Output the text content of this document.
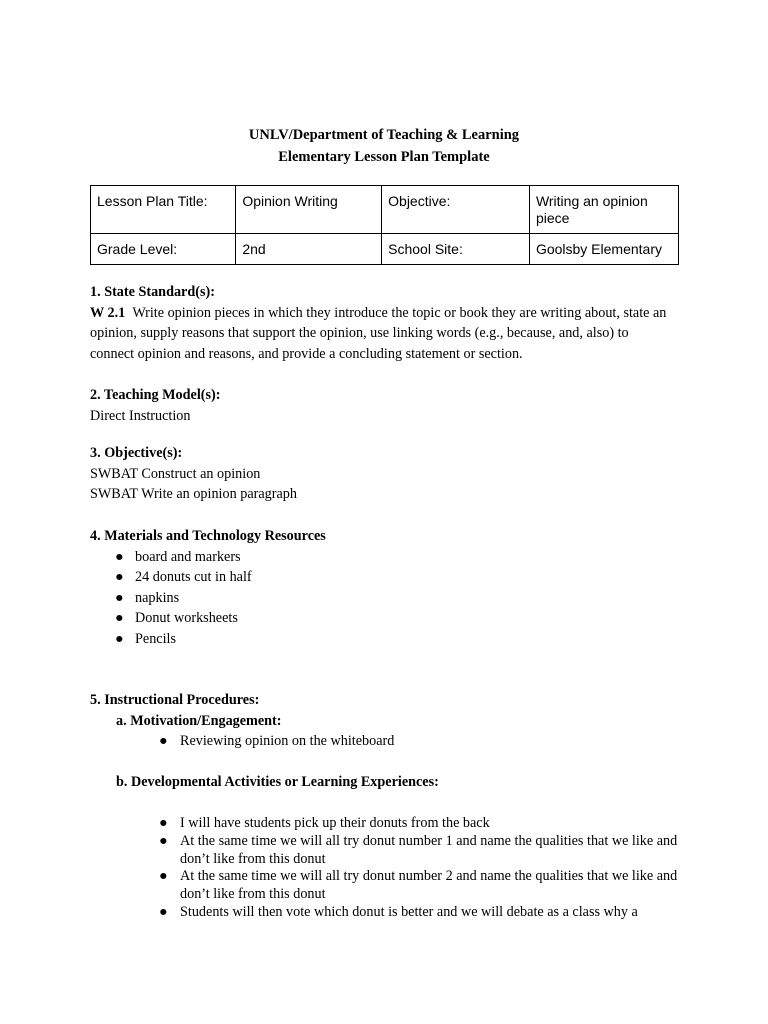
UNLV/Department of Teaching & Learning
Elementary Lesson Plan Template
Lesson Plan Title:	Opinion Writing	Objective:	Writing an opinion piece
Grade Level:	2nd	School Site:	Goolsby Elementary
1. State Standard(s):
W 2.1 Write opinion pieces in which they introduce the topic or book they are writing about, state an opinion, supply reasons that support the opinion, use linking words (e.g., because, and, also) to connect opinion and reasons, and provide a concluding statement or section.
2. Teaching Model(s):
Direct Instruction
3. Objective(s):
SWBAT Construct an opinion
SWBAT Write an opinion paragraph
4. Materials and Technology Resources
● board and markers
● 24 donuts cut in half
● napkins
● Donut worksheets
● Pencils
5. Instructional Procedures:
a. Motivation/Engagement:
● Reviewing opinion on the whiteboard
b. Developmental Activities or Learning Experiences:
● I will have students pick up their donuts from the back
● At the same time we will all try donut number 1 and name the qualities that we like and don’t like from this donut
● At the same time we will all try donut number 2 and name the qualities that we like and don’t like from this donut
● Students will then vote which donut is better and we will debate as a class why a
